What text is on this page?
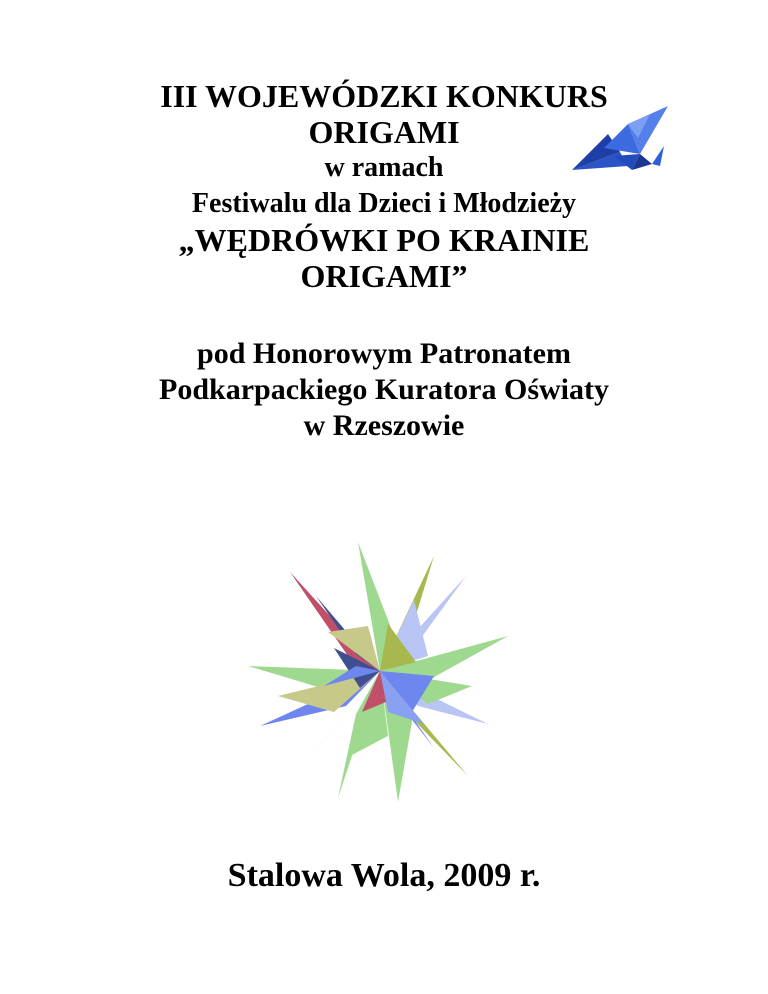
III WOJEWÓDZKI KONKURS
ORIGAMI
w ramach
Festiwalu dla Dzieci i Młodzieży
„WĘDRÓWKI PO KRAINIE
ORIGAMI”
pod Honorowym Patronatem
Podkarpackiego Kuratora Oświaty
w Rzeszowie
Stalowa Wola, 2009 r.
